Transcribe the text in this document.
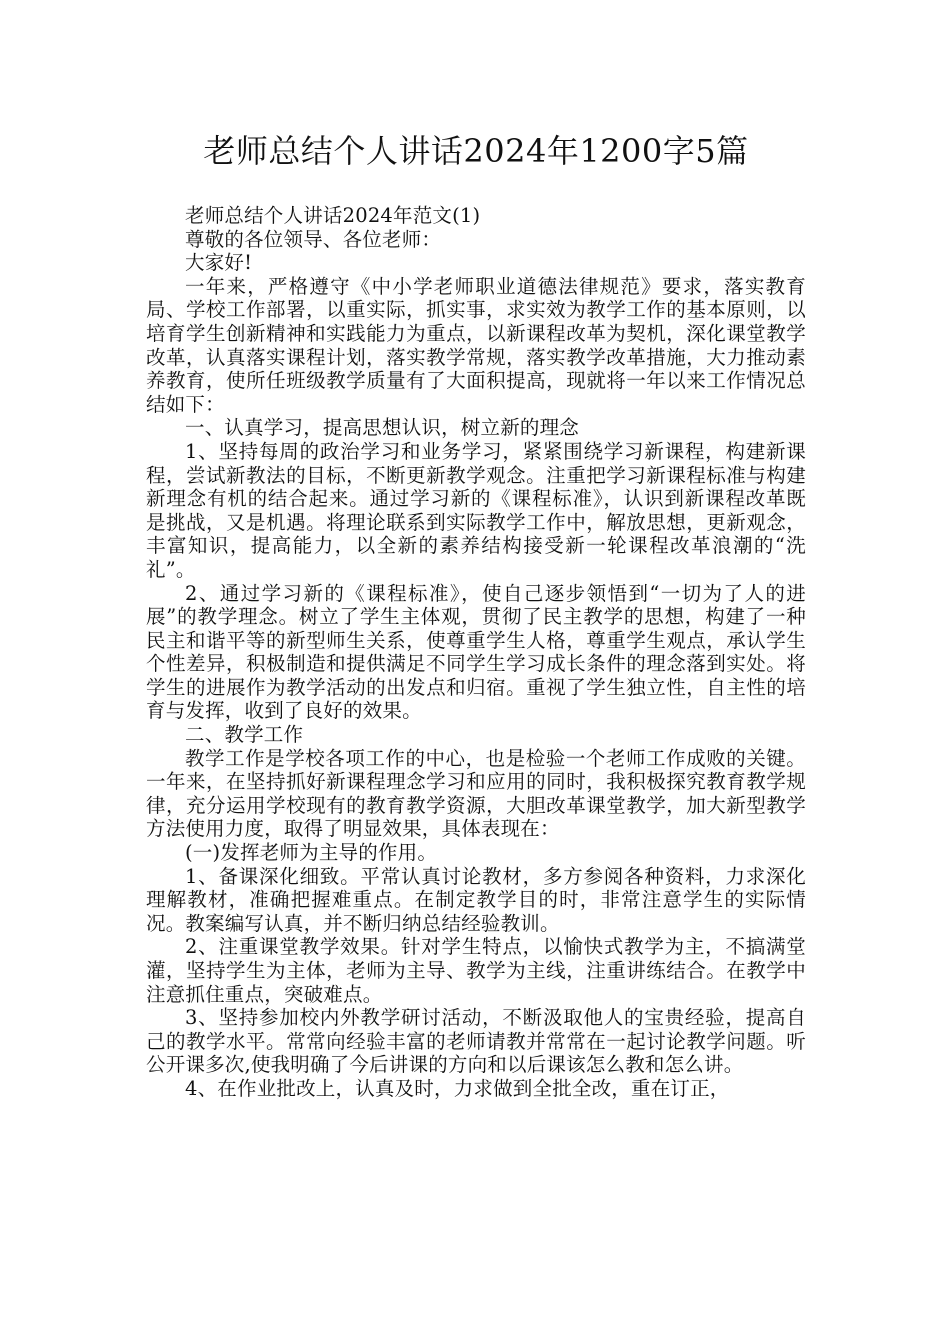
老师总结个人讲话2024年1200字5篇

老师总结个人讲话2024年范文(1)

尊敬的各位领导、各位老师：

大家好!

一年来，严格遵守《中小学老师职业道德法律规范》要求，落实教育局、学校工作部署，以重实际，抓实事，求实效为教学工作的基本原则，以培育学生创新精神和实践能力为重点，以新课程改革为契机，深化课堂教学改革，认真落实课程计划，落实教学常规，落实教学改革措施，大力推动素养教育，使所任班级教学质量有了大面积提高，现就将一年以来工作情况总结如下：

一、认真学习，提高思想认识，树立新的理念

1、坚持每周的政治学习和业务学习，紧紧围绕学习新课程，构建新课程，尝试新教法的目标，不断更新教学观念。注重把学习新课程标准与构建新理念有机的结合起来。通过学习新的《课程标准》，认识到新课程改革既是挑战，又是机遇。将理论联系到实际教学工作中，解放思想，更新观念，丰富知识，提高能力，以全新的素养结构接受新一轮课程改革浪潮的“洗礼”。

2、通过学习新的《课程标准》，使自己逐步领悟到“一切为了人的进展”的教学理念。树立了学生主体观，贯彻了民主教学的思想，构建了一种民主和谐平等的新型师生关系，使尊重学生人格，尊重学生观点，承认学生个性差异，积极制造和提供满足不同学生学习成长条件的理念落到实处。将学生的进展作为教学活动的出发点和归宿。重视了学生独立性，自主性的培育与发挥，收到了良好的效果。

二、教学工作

教学工作是学校各项工作的中心，也是检验一个老师工作成败的关键。一年来，在坚持抓好新课程理念学习和应用的同时，我积极探究教育教学规律，充分运用学校现有的教育教学资源，大胆改革课堂教学，加大新型教学方法使用力度，取得了明显效果，具体表现在：

(一)发挥老师为主导的作用。

1、备课深化细致。平常认真讨论教材，多方参阅各种资料，力求深化理解教材，准确把握难重点。在制定教学目的时，非常注意学生的实际情况。教案编写认真，并不断归纳总结经验教训。

2、注重课堂教学效果。针对学生特点，以愉快式教学为主，不搞满堂灌，坚持学生为主体，老师为主导、教学为主线，注重讲练结合。在教学中注意抓住重点，突破难点。

3、坚持参加校内外教学研讨活动，不断汲取他人的宝贵经验，提高自己的教学水平。常常向经验丰富的老师请教并常常在一起讨论教学问题。听公开课多次,使我明确了今后讲课的方向和以后课该怎么教和怎么讲。

4、在作业批改上，认真及时，力求做到全批全改，重在订正，
